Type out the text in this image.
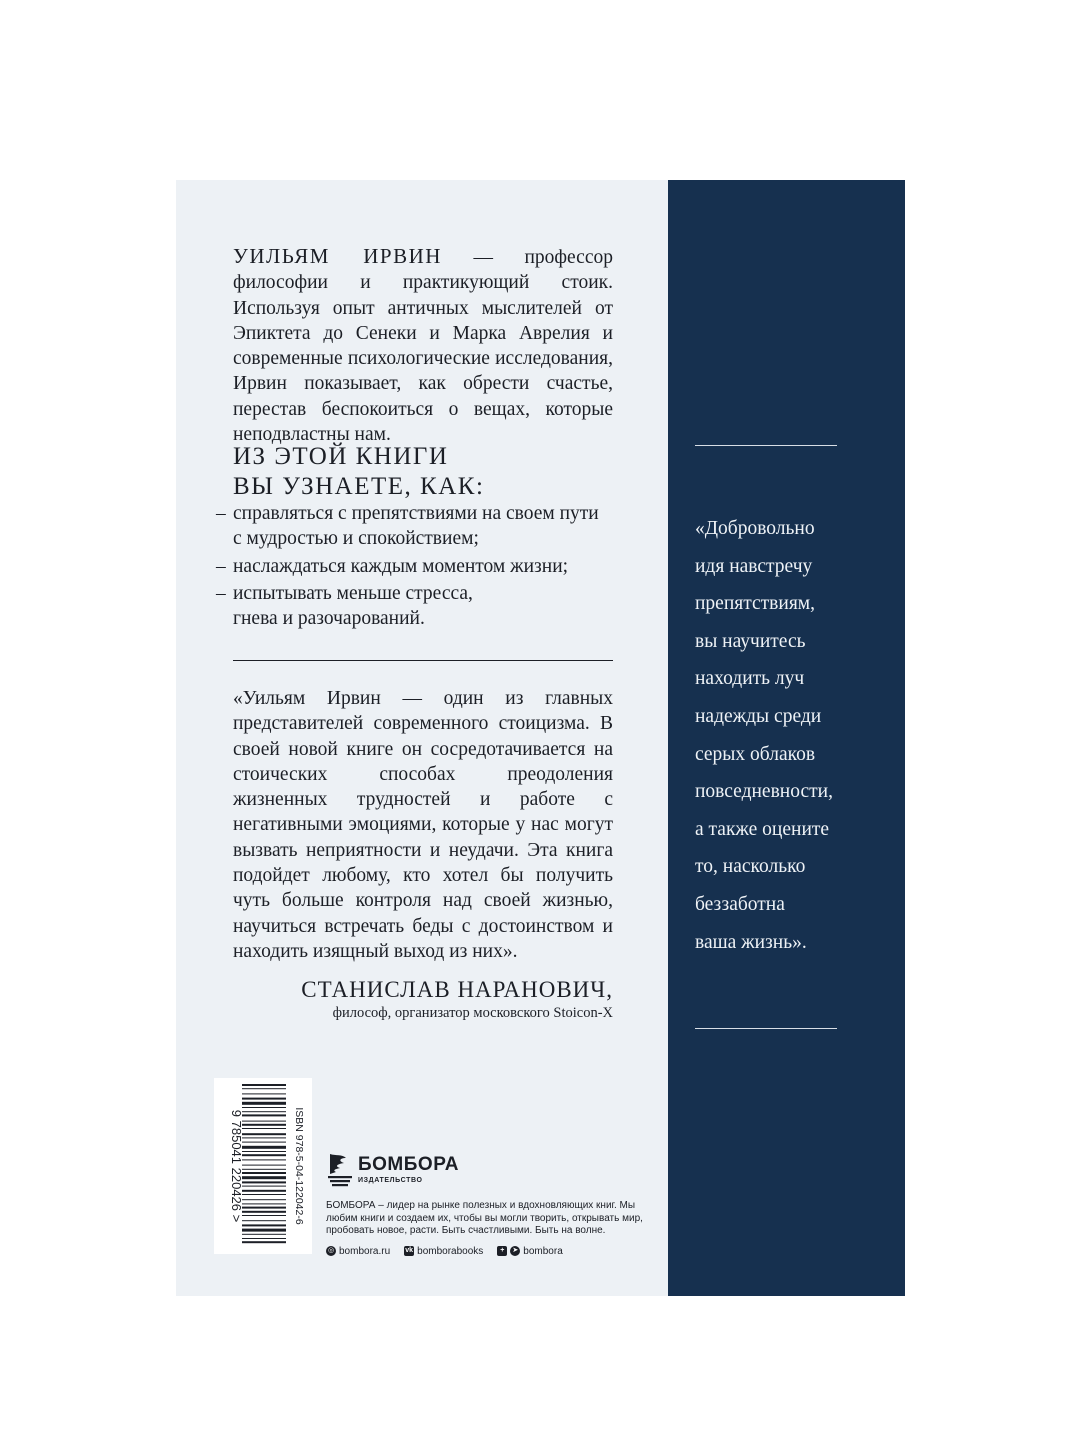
УИЛЬЯМ ИРВИН — профессор философии и практикующий стоик. Используя опыт античных мыслителей от Эпиктета до Сенеки и Марка Аврелия и современные психологические исследования, Ирвин показывает, как обрести счастье, перестав беспокоиться о вещах, которые неподвластны нам.
ИЗ ЭТОЙ КНИГИ
ВЫ УЗНАЕТЕ, КАК:
– справляться с препятствиями на своем пути
с мудростью и спокойствием;
– наслаждаться каждым моментом жизни;
– испытывать меньше стресса,
гнева и разочарований.
«Уильям Ирвин — один из главных представителей современного стоицизма. В своей новой книге он сосредотачивается на стоических способах преодоления жизненных трудностей и работе с негативными эмоциями, которые у нас могут вызвать неприятности и неудачи. Эта книга подойдет любому, кто хотел бы получить чуть больше контроля над своей жизнью, научиться встречать беды с достоинством и находить изящный выход из них».
СТАНИСЛАВ НАРАНОВИЧ,
философ, организатор московского Stoicon-X
9 785041 220426 >	ISBN 978-5-04-122042-6	БОМБОРА
ИЗДАТЕЛЬСТВО
БОМБОРА – лидер на рынке полезных и вдохновляющих книг. Мы любим книги и создаем их, чтобы вы могли творить, открывать мир, пробовать новое, расти. Быть счастливыми. Быть на волне.
◎ bombora.ru vk bomborabooks	+	➤ bombora
«Добровольно
идя навстречу
препятствиям,
вы научитесь
находить луч
надежды среди
серых облаков
повседневности,
а также оцените
то, насколько
беззаботна
ваша жизнь».
